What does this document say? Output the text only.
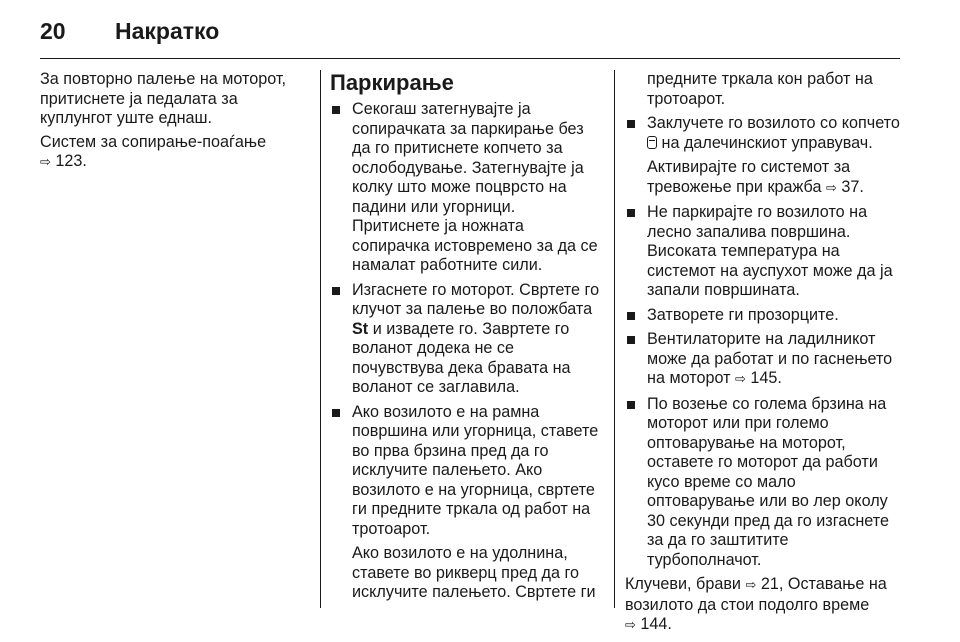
20 Накратко

За повторно палење на моторот, притиснете ја педалата за куплунгот уште еднаш.

Систем за сопирање-поаѓање
⇨ 123.

Паркирање
Секогаш затегнувајте ја сопирачката за паркирање без да го притиснете копчето за ослободување. Затегнувајте ја колку што може поцврсто на падини или угорници.
Притиснете ја ножната сопирачка истовремено за да се намалат работните сили.
Изгаснете го моторот. Свртете го клучот за палење во положбата
St и извадете го. Завртете го воланот додека не се почувствува дека бравата на воланот се заглавила.
Ако возилото е на рамна површина или угорница, ставете во прва брзина пред да го исклучите палењето. Ако возилото е на угорница, свртете ги предните тркала од работ на тротоарот.

Ако возилото е на удолнина, ставете во рикверц пред да го исклучите палењето. Свртете ги

предните тркала кон работ на тротоарот.

Заклучете го возилото со копчето
на далечинскиот управувач.

Активирајте го системот за тревожење при кражба ⇨ 37.

Не паркирајте го возилото на лесно запалива површина. Високата температура на системот на ауспухот може да ја запали површината.
Затворете ги прозорците.
Вентилаторите на ладилникот може да работат и по гаснењето на моторот ⇨ 145.
По возење со голема брзина на моторот или при големо оптоварување на моторот, оставете го моторот да работи кусо време со мало оптоварување или во лер околу 30 секунди пред да го изгаснете за да го заштитите турбополначот.

Клучеви, брави ⇨ 21, Оставање на возилото да стои подолго време
⇨ 144.
